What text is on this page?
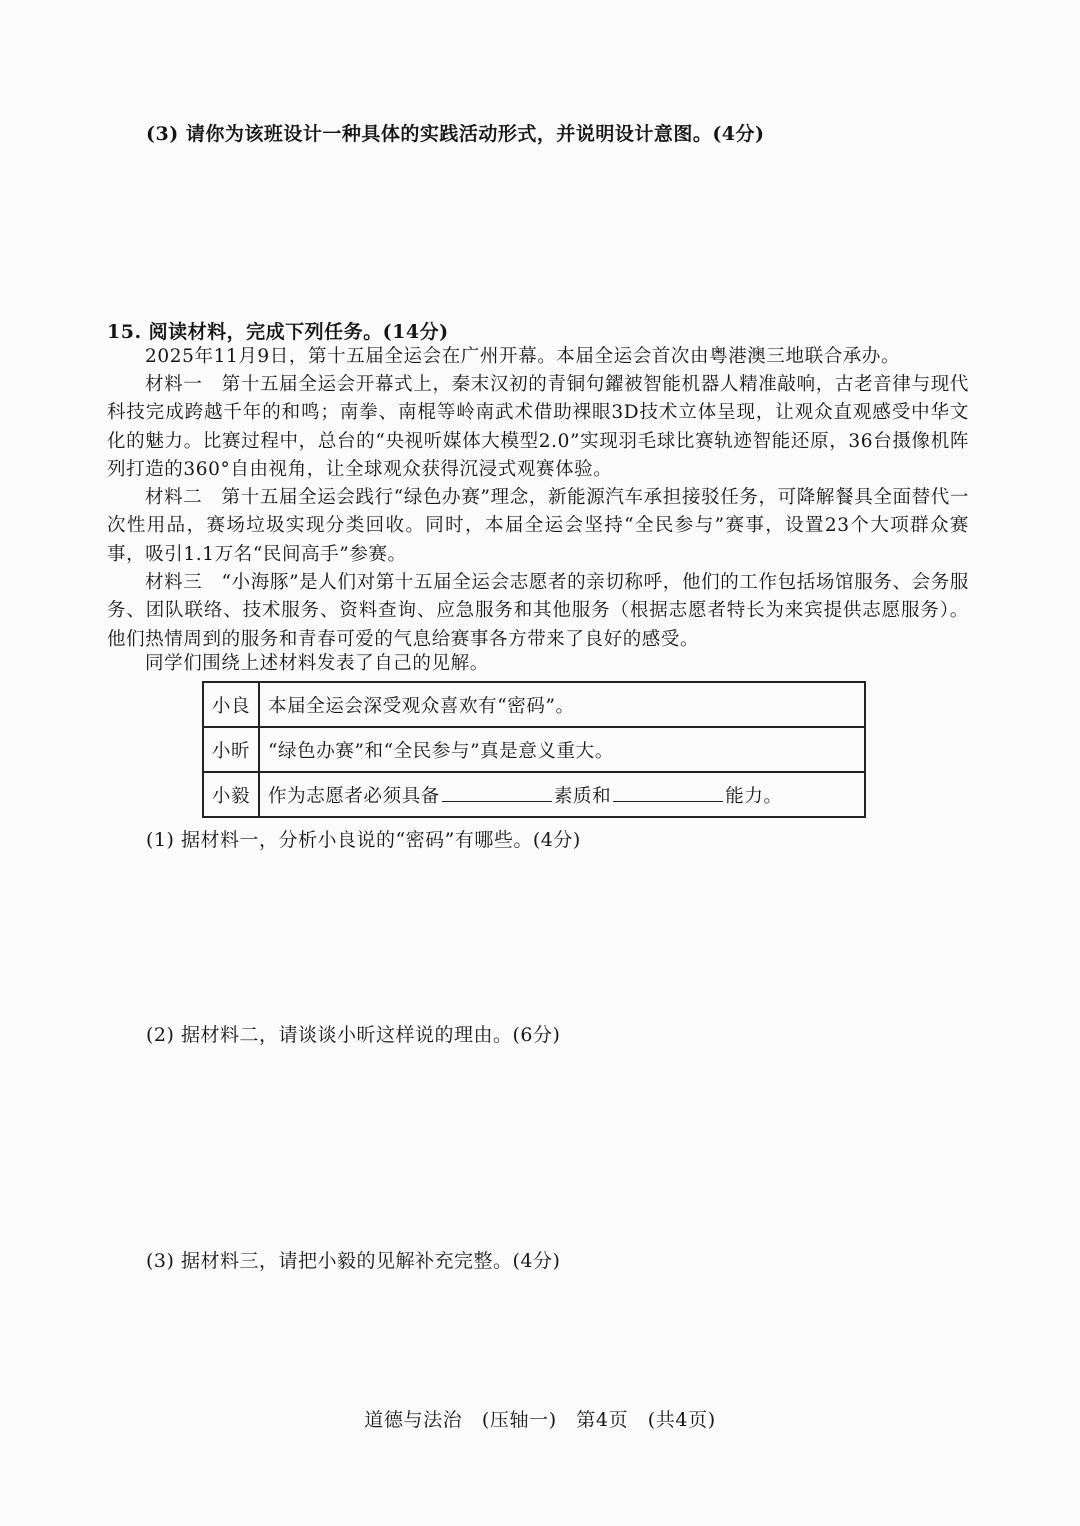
(3) 请你为该班设计一种具体的实践活动形式，并说明设计意图。(4分)
15. 阅读材料，完成下列任务。(14分)
2025年11月9日，第十五届全运会在广州开幕。本届全运会首次由粤港澳三地联合承办。
材料一　第十五届全运会开幕式上，秦末汉初的青铜句鑃被智能机器人精准敲响，古老音律与现代科技完成跨越千年的和鸣；南拳、南棍等岭南武术借助裸眼3D技术立体呈现，让观众直观感受中华文化的魅力。比赛过程中，总台的“央视听媒体大模型2.0”实现羽毛球比赛轨迹智能还原，36台摄像机阵列打造的360°自由视角，让全球观众获得沉浸式观赛体验。
材料二　第十五届全运会践行“绿色办赛”理念，新能源汽车承担接驳任务，可降解餐具全面替代一次性用品，赛场垃圾实现分类回收。同时，本届全运会坚持“全民参与”赛事，设置23个大项群众赛事，吸引1.1万名“民间高手”参赛。
材料三　“小海豚”是人们对第十五届全运会志愿者的亲切称呼，他们的工作包括场馆服务、会务服务、团队联络、技术服务、资料查询、应急服务和其他服务（根据志愿者特长为来宾提供志愿服务）。他们热情周到的服务和青春可爱的气息给赛事各方带来了良好的感受。
同学们围绕上述材料发表了自己的见解。
小良	本届全运会深受观众喜欢有“密码”。
小昕	“绿色办赛”和“全民参与”真是意义重大。
小毅	作为志愿者必须具备 素质和 能力。
(1) 据材料一，分析小良说的“密码”有哪些。(4分)
(2) 据材料二，请谈谈小昕这样说的理由。(6分)
(3) 据材料三，请把小毅的见解补充完整。(4分)
道德与法治　(压轴一)　第4页　(共4页)
